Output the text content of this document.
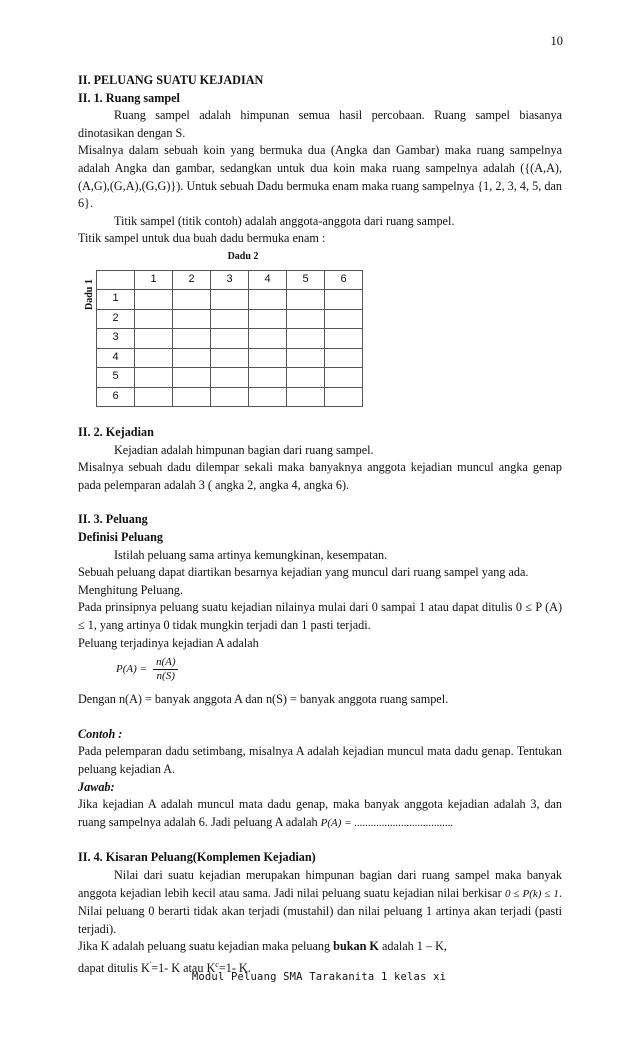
10

II. PELUANG SUATU KEJADIAN

II. 1. Ruang sampel

Ruang sampel adalah himpunan semua hasil percobaan. Ruang sampel biasanya dinotasikan dengan S.

Misalnya dalam sebuah koin yang bermuka dua (Angka dan Gambar) maka ruang sampelnya adalah Angka dan gambar, sedangkan untuk dua koin maka ruang sampelnya adalah ({(A,A),(A,G),(G,A),(G,G)}). Untuk sebuah Dadu bermuka enam maka ruang sampelnya {1, 2, 3, 4, 5, dan 6}.

Titik sampel (titik contoh) adalah anggota-anggota dari ruang sampel.

Titik sampel untuk dua buah dadu bermuka enam :

Dadu 2
Dadu 1
	1	2	3	4	5	6
1						
2						
3						
4						
5						
6						

II. 2. Kejadian

Kejadian adalah himpunan bagian dari ruang sampel.

Misalnya sebuah dadu dilempar sekali maka banyaknya anggota kejadian muncul angka genap pada pelemparan adalah 3 ( angka 2, angka 4, angka 6).

II. 3. Peluang

Definisi Peluang

Istilah peluang sama artinya kemungkinan, kesempatan.

Sebuah peluang dapat diartikan besarnya kejadian yang muncul dari ruang sampel yang ada.

Menghitung Peluang.

Pada prinsipnya peluang suatu kejadian nilainya mulai dari 0 sampai 1 atau dapat ditulis 0 ≤ P (A) ≤ 1, yang artinya 0 tidak mungkin terjadi dan 1 pasti terjadi.

Peluang terjadinya kejadian A adalah

$P(A) = \frac{n(A)}{n(S)}$

Dengan n(A) = banyak anggota A dan n(S) = banyak anggota ruang sampel.

Contoh :

Pada pelemparan dadu setimbang, misalnya A adalah kejadian muncul mata dadu genap. Tentukan peluang kejadian A.

Jawab:

Jika kejadian A adalah muncul mata dadu genap, maka banyak anggota kejadian adalah 3, dan ruang sampelnya adalah 6. Jadi peluang A adalah P(A) = ....................................

II. 4. Kisaran Peluang(Komplemen Kejadian)

Nilai dari suatu kejadian merupakan himpunan bagian dari ruang sampel maka banyak anggota kejadian lebih kecil atau sama. Jadi nilai peluang suatu kejadian nilai berkisar 0 ≤ P(k) ≤ 1. Nilai peluang 0 berarti tidak akan terjadi (mustahil) dan nilai peluang 1 artinya akan terjadi (pasti terjadi).

Jika K adalah peluang suatu kejadian maka peluang bukan K adalah 1 – K,

dapat ditulis K'=1- K atau $K^c=1-$ K.

Modul Peluang SMA Tarakanita 1 kelas xi
